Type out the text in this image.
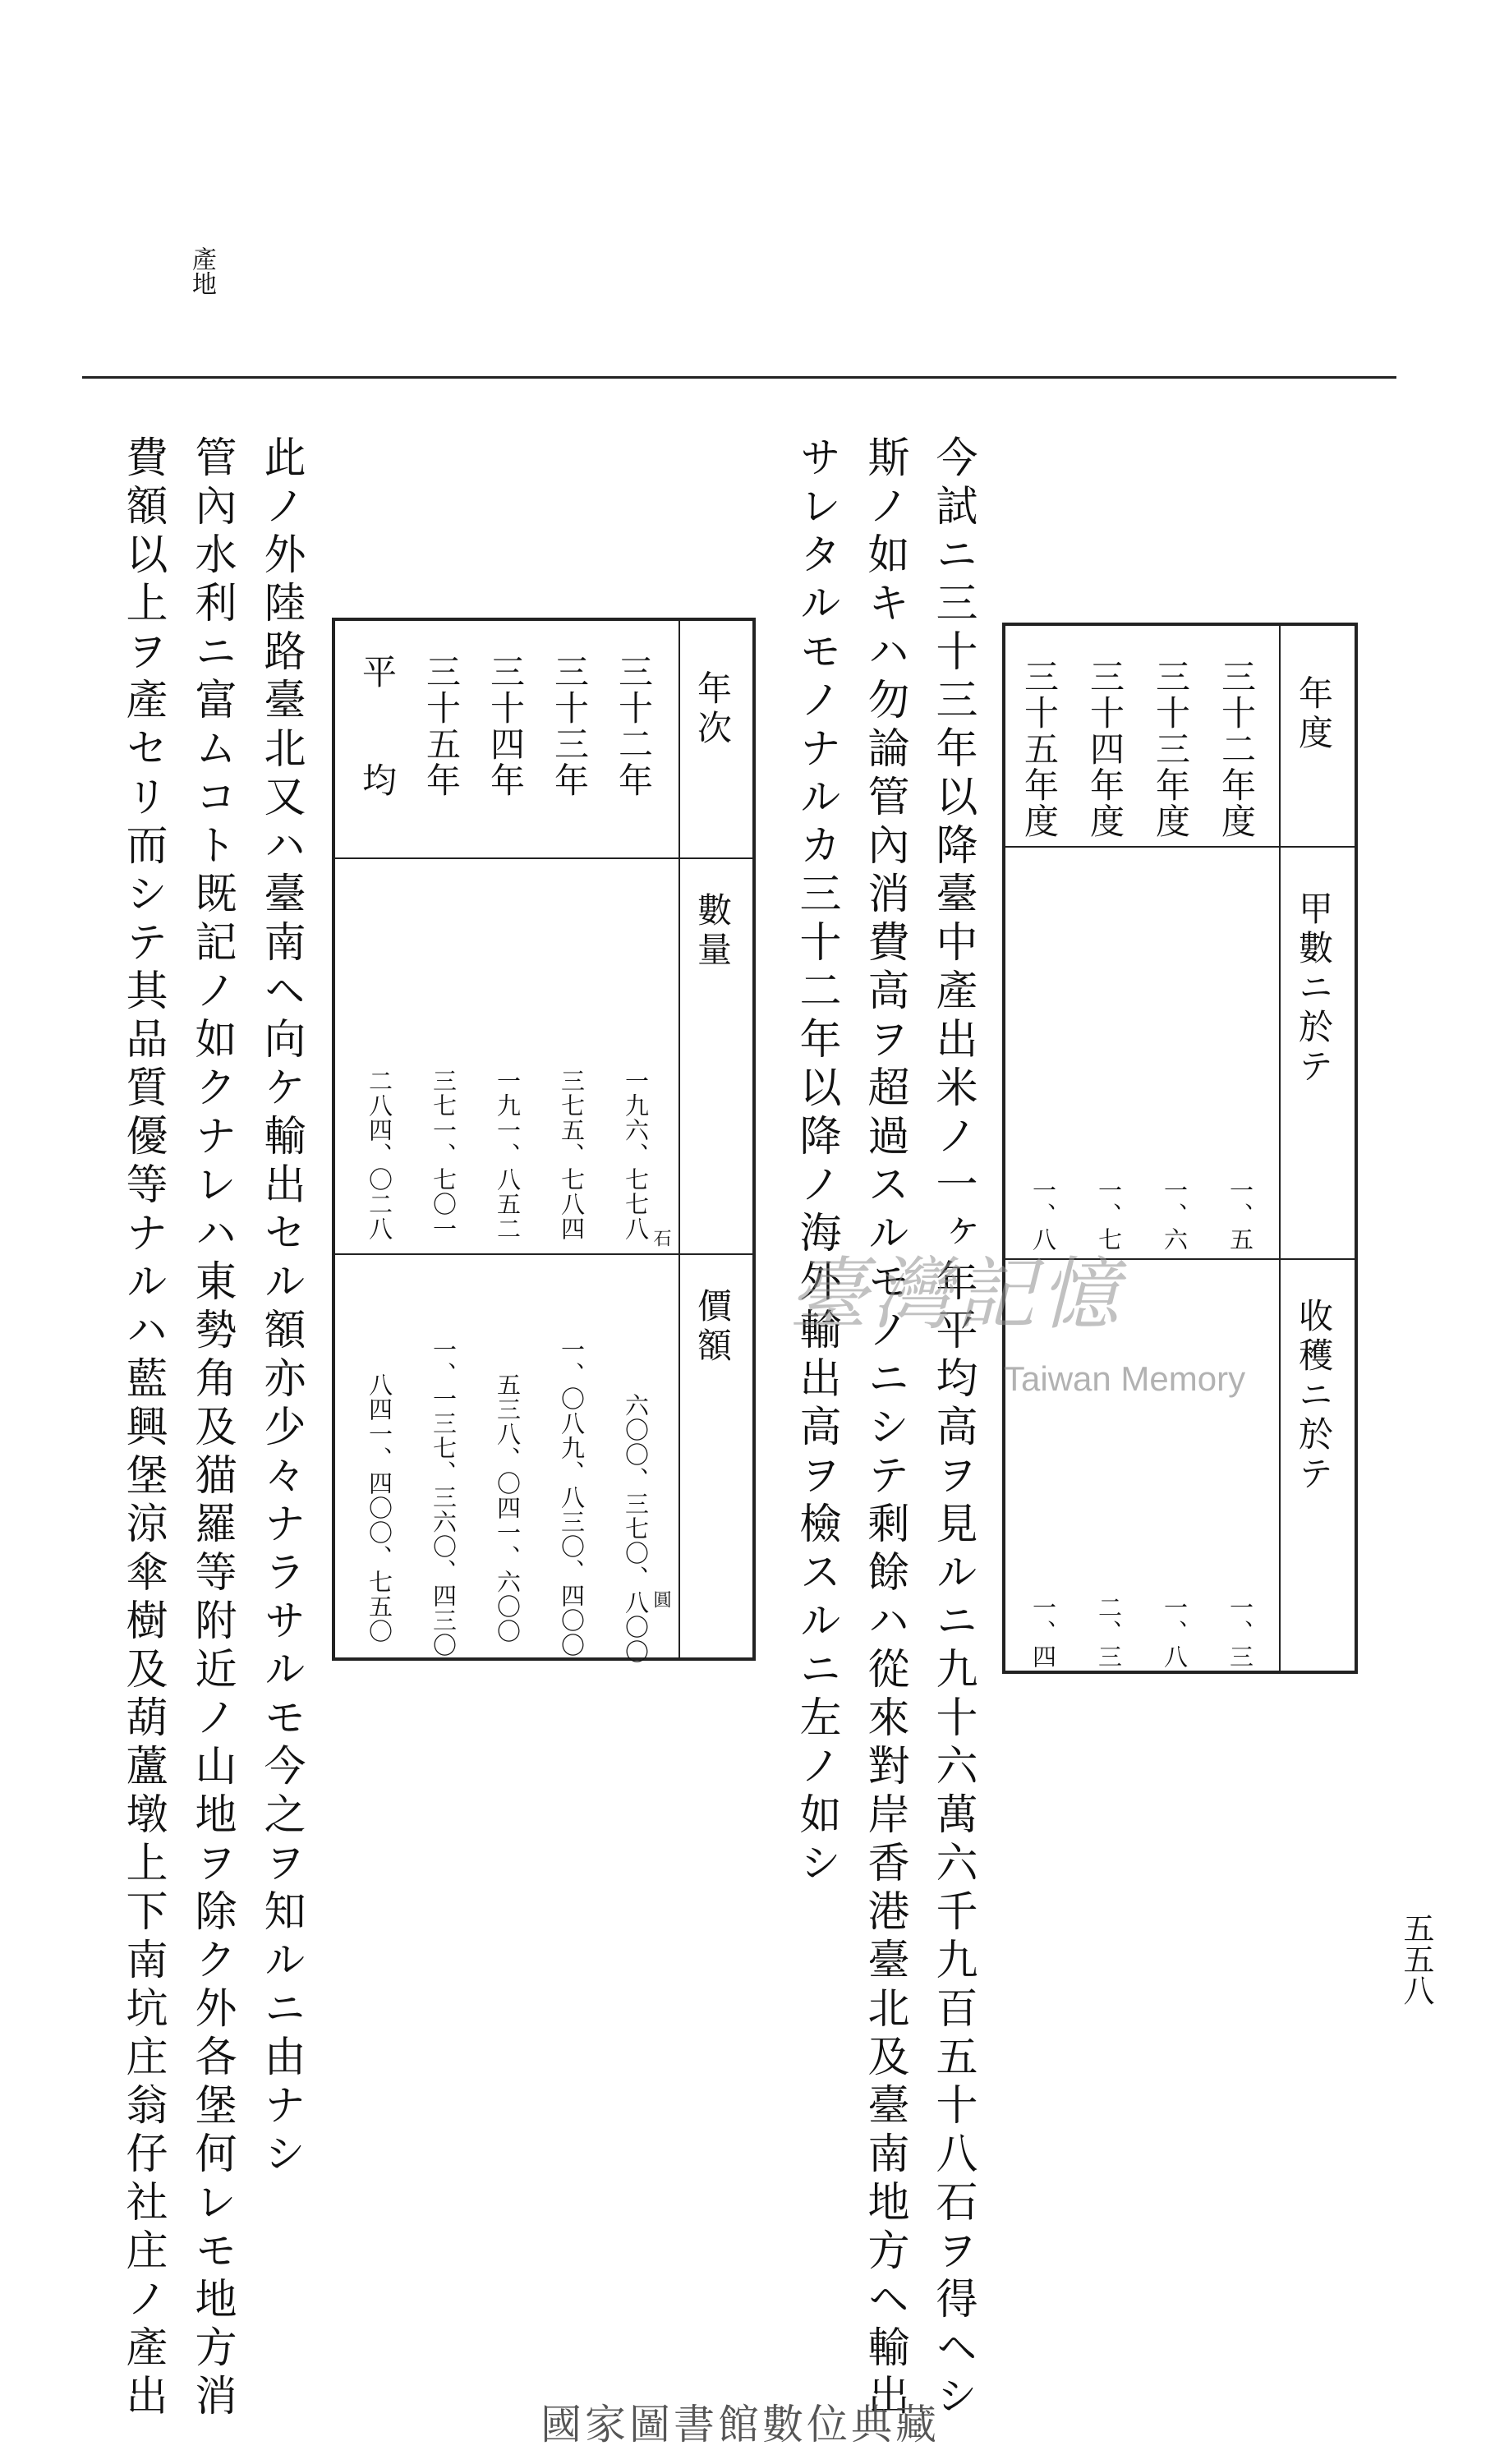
產地
五五八
今試ニ三十三年以降臺中產出米ノ一ヶ年平均高ヲ見ルニ九十六萬六千九百五十八石ヲ得ヘシ
斯ノ如キハ勿論管內消費高ヲ超過スルモノニシテ剩餘ハ從來對岸香港臺北及臺南地方ヘ輸出
サレタルモノナルカ三十二年以降ノ海外輸出高ヲ檢スルニ左ノ如シ	年度
甲數ニ於テ
收穫ニ於テ
三十二年度
三十三年度
三十四年度
三十五年度
一、五
一、六
一、七
一、八
一、三
一、八
二、三
一、四
年次
數量
價額
三十二年
三十三年
三十四年
三十五年
平　　均
石
圓
一九六、七七八
三七五、七八四
一九一、八五二
三七一、七〇一
二八四、〇二八
六〇〇、三七〇、八〇〇
一、〇八九、八三〇、四〇〇
五三八、〇四一、六〇〇
一、一三七、三六〇、四三〇
八四一、四〇〇、七五〇
此ノ外陸路臺北又ハ臺南ヘ向ケ輸出セル額亦少々ナラサルモ今之ヲ知ルニ由ナシ
管內水利ニ富ムコト既記ノ如クナレハ東勢角及猫羅等附近ノ山地ヲ除ク外各堡何レモ地方消
費額以上ヲ產セリ而シテ其品質優等ナルハ藍興堡涼傘樹及葫蘆墩上下南坑庄翁仔社庄ノ產出	臺灣記憶
Taiwan Memory
國家圖書館數位典藏
